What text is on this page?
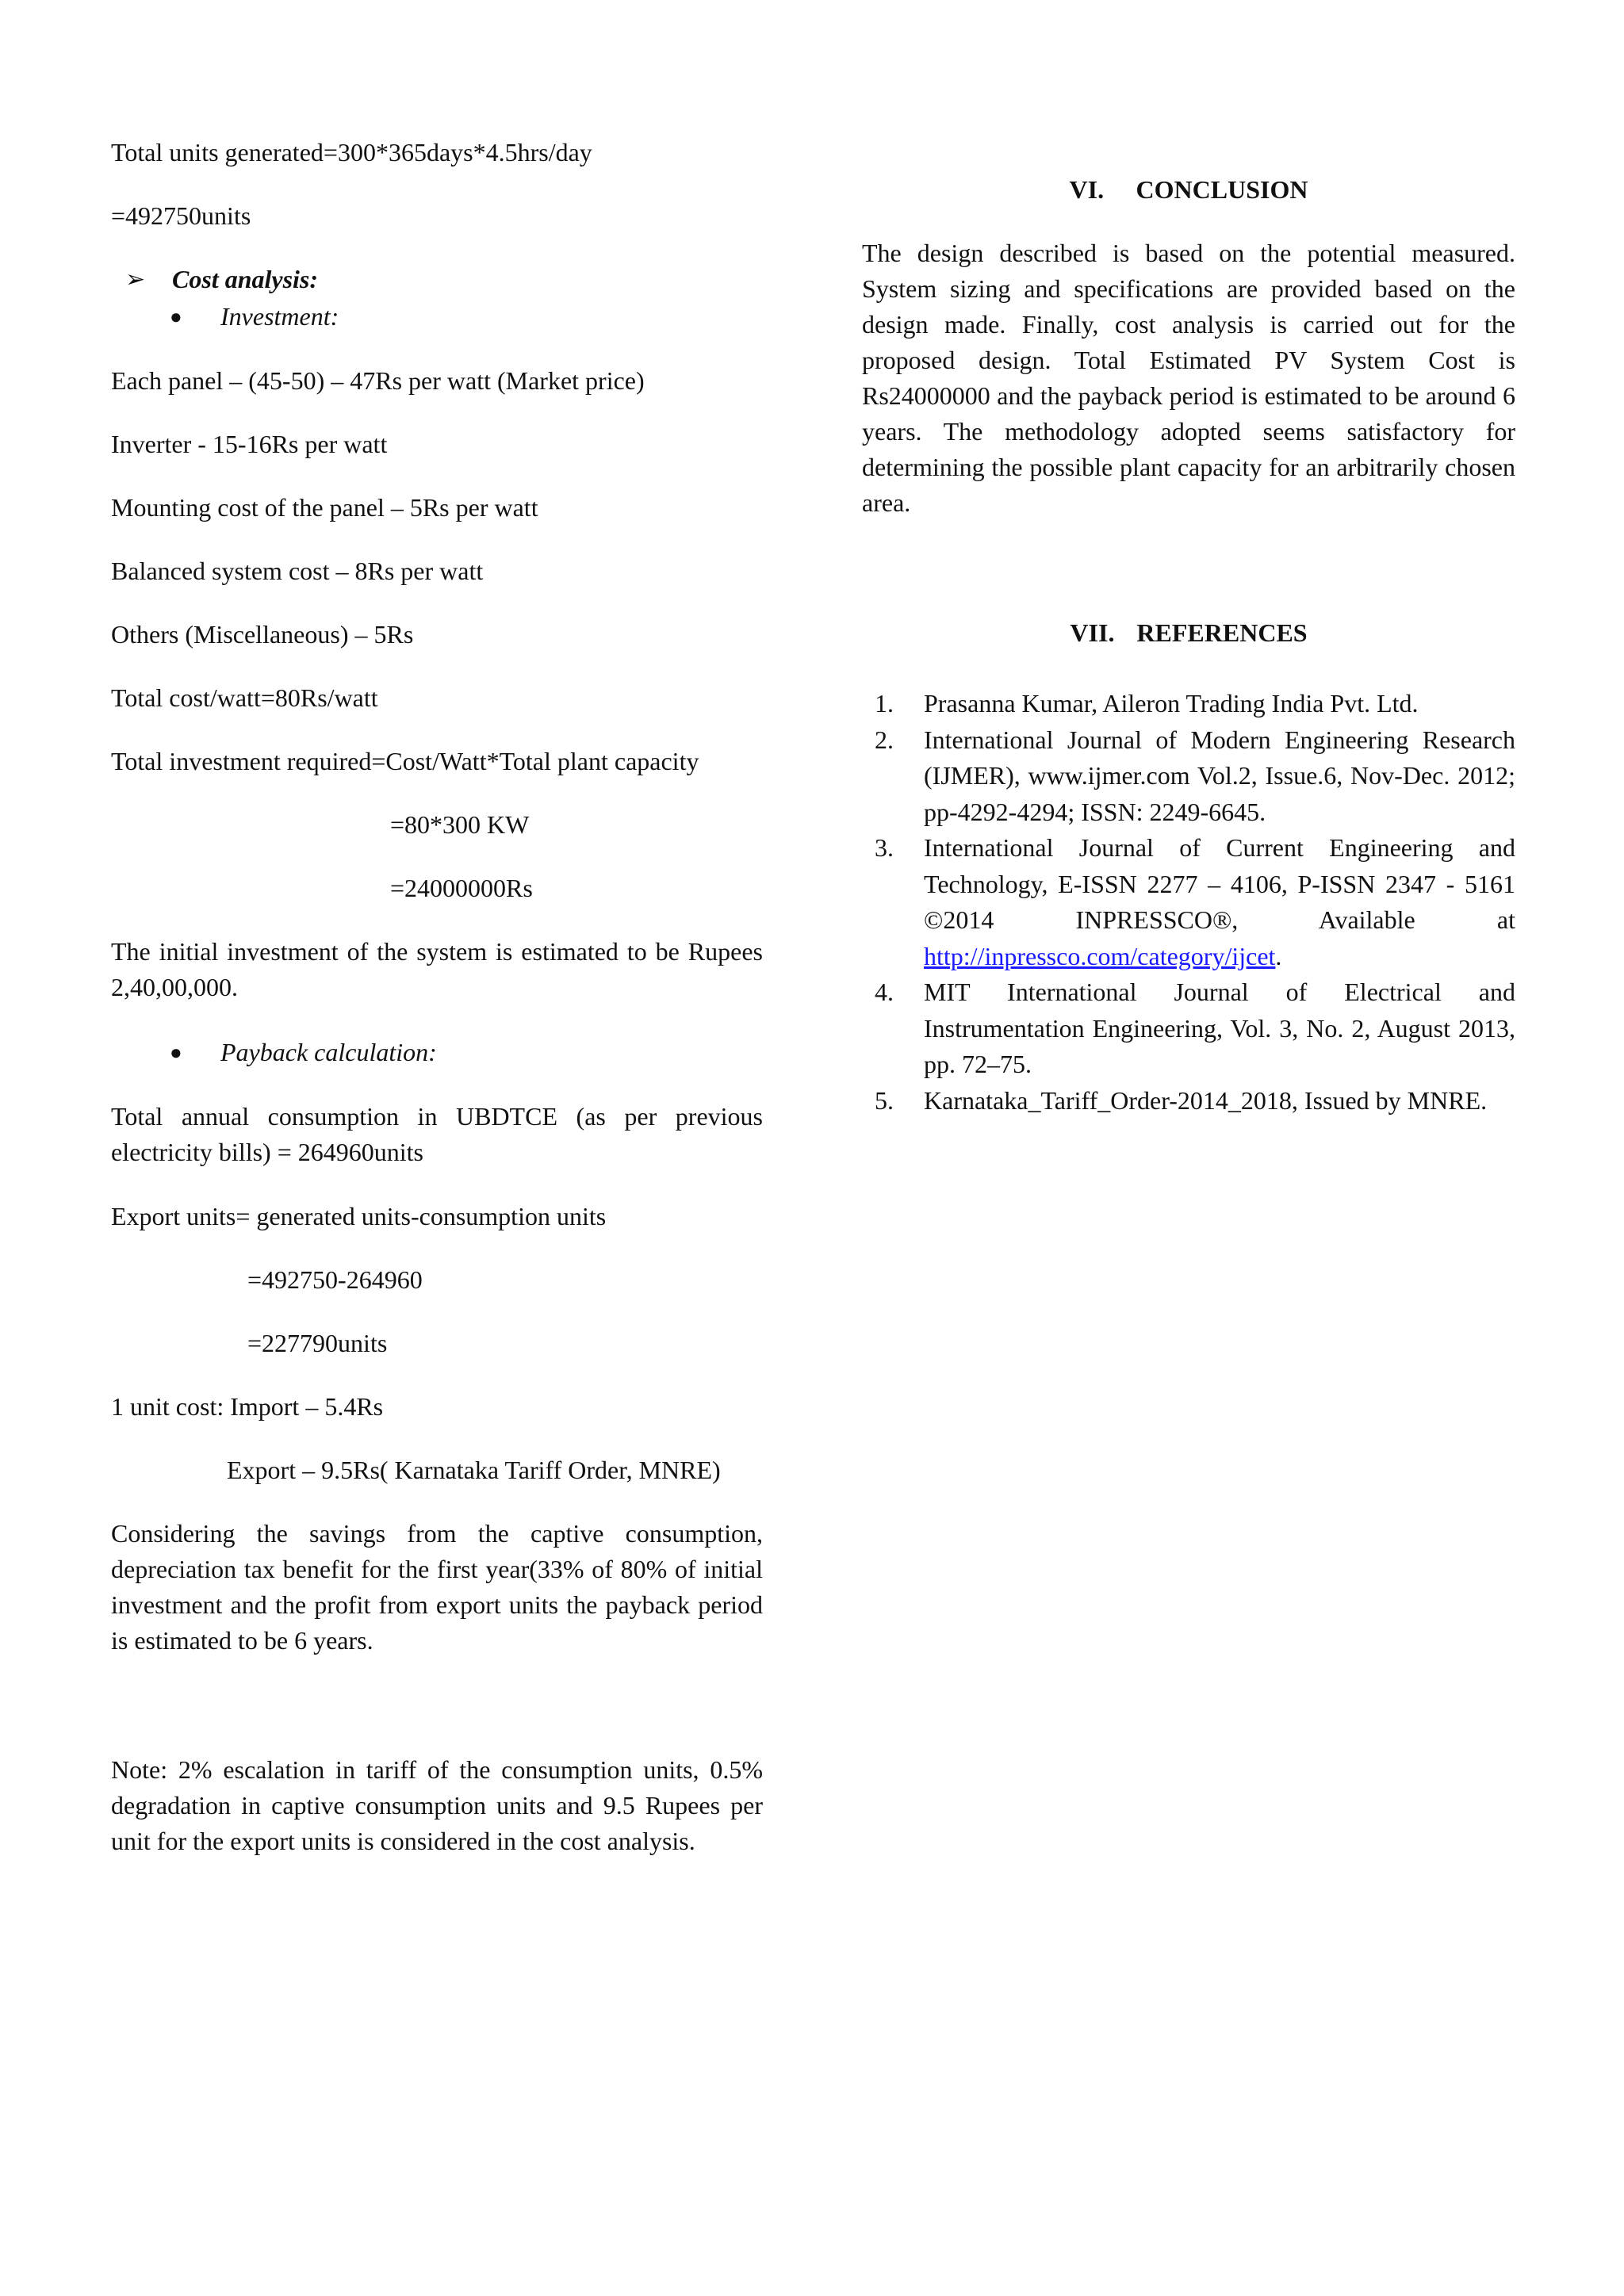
Total units generated=300*365days*4.5hrs/day

=492750units

➢ Cost analysis:

● Investment:

Each panel – (45-50) – 47Rs per watt (Market price)

Inverter - 15-16Rs per watt

Mounting cost of the panel – 5Rs per watt

Balanced system cost – 8Rs per watt

Others (Miscellaneous) – 5Rs

Total cost/watt=80Rs/watt

Total investment required=Cost/Watt*Total plant capacity

=80*300 KW

=24000000Rs

The initial investment of the system is estimated to be Rupees 2,40,00,000.

● Payback calculation:

Total annual consumption in UBDTCE (as per previous electricity bills) = 264960units

Export units= generated units-consumption units

=492750-264960

=227790units

1 unit cost: Import – 5.4Rs

Export – 9.5Rs( Karnataka Tariff Order, MNRE)

Considering the savings from the captive consumption, depreciation tax benefit for the first year(33% of 80% of initial investment and the profit from export units the payback period is estimated to be 6 years.

Note: 2% escalation in tariff of the consumption units, 0.5% degradation in captive consumption units and 9.5 Rupees per unit for the export units is considered in the cost analysis.

VI. CONCLUSION

The design described is based on the potential measured. System sizing and specifications are provided based on the design made. Finally, cost analysis is carried out for the proposed design. Total Estimated PV System Cost is Rs24000000 and the payback period is estimated to be around 6 years. The methodology adopted seems satisfactory for determining the possible plant capacity for an arbitrarily chosen area.

VII. REFERENCES

1. Prasanna Kumar, Aileron Trading India Pvt. Ltd.
2. International Journal of Modern Engineering Research (IJMER), www.ijmer.com Vol.2, Issue.6, Nov-Dec. 2012; pp-4292-4294; ISSN: 2249-6645.
3. International Journal of Current Engineering and Technology, E-ISSN 2277 – 4106, P-ISSN 2347 - 5161 ©2014 INPRESSCO®, Available at http://inpressco.com/category/ijcet.
4. MIT International Journal of Electrical and Instrumentation Engineering, Vol. 3, No. 2, August 2013, pp. 72–75.
5. Karnataka_Tariff_Order-2014_2018, Issued by MNRE.
